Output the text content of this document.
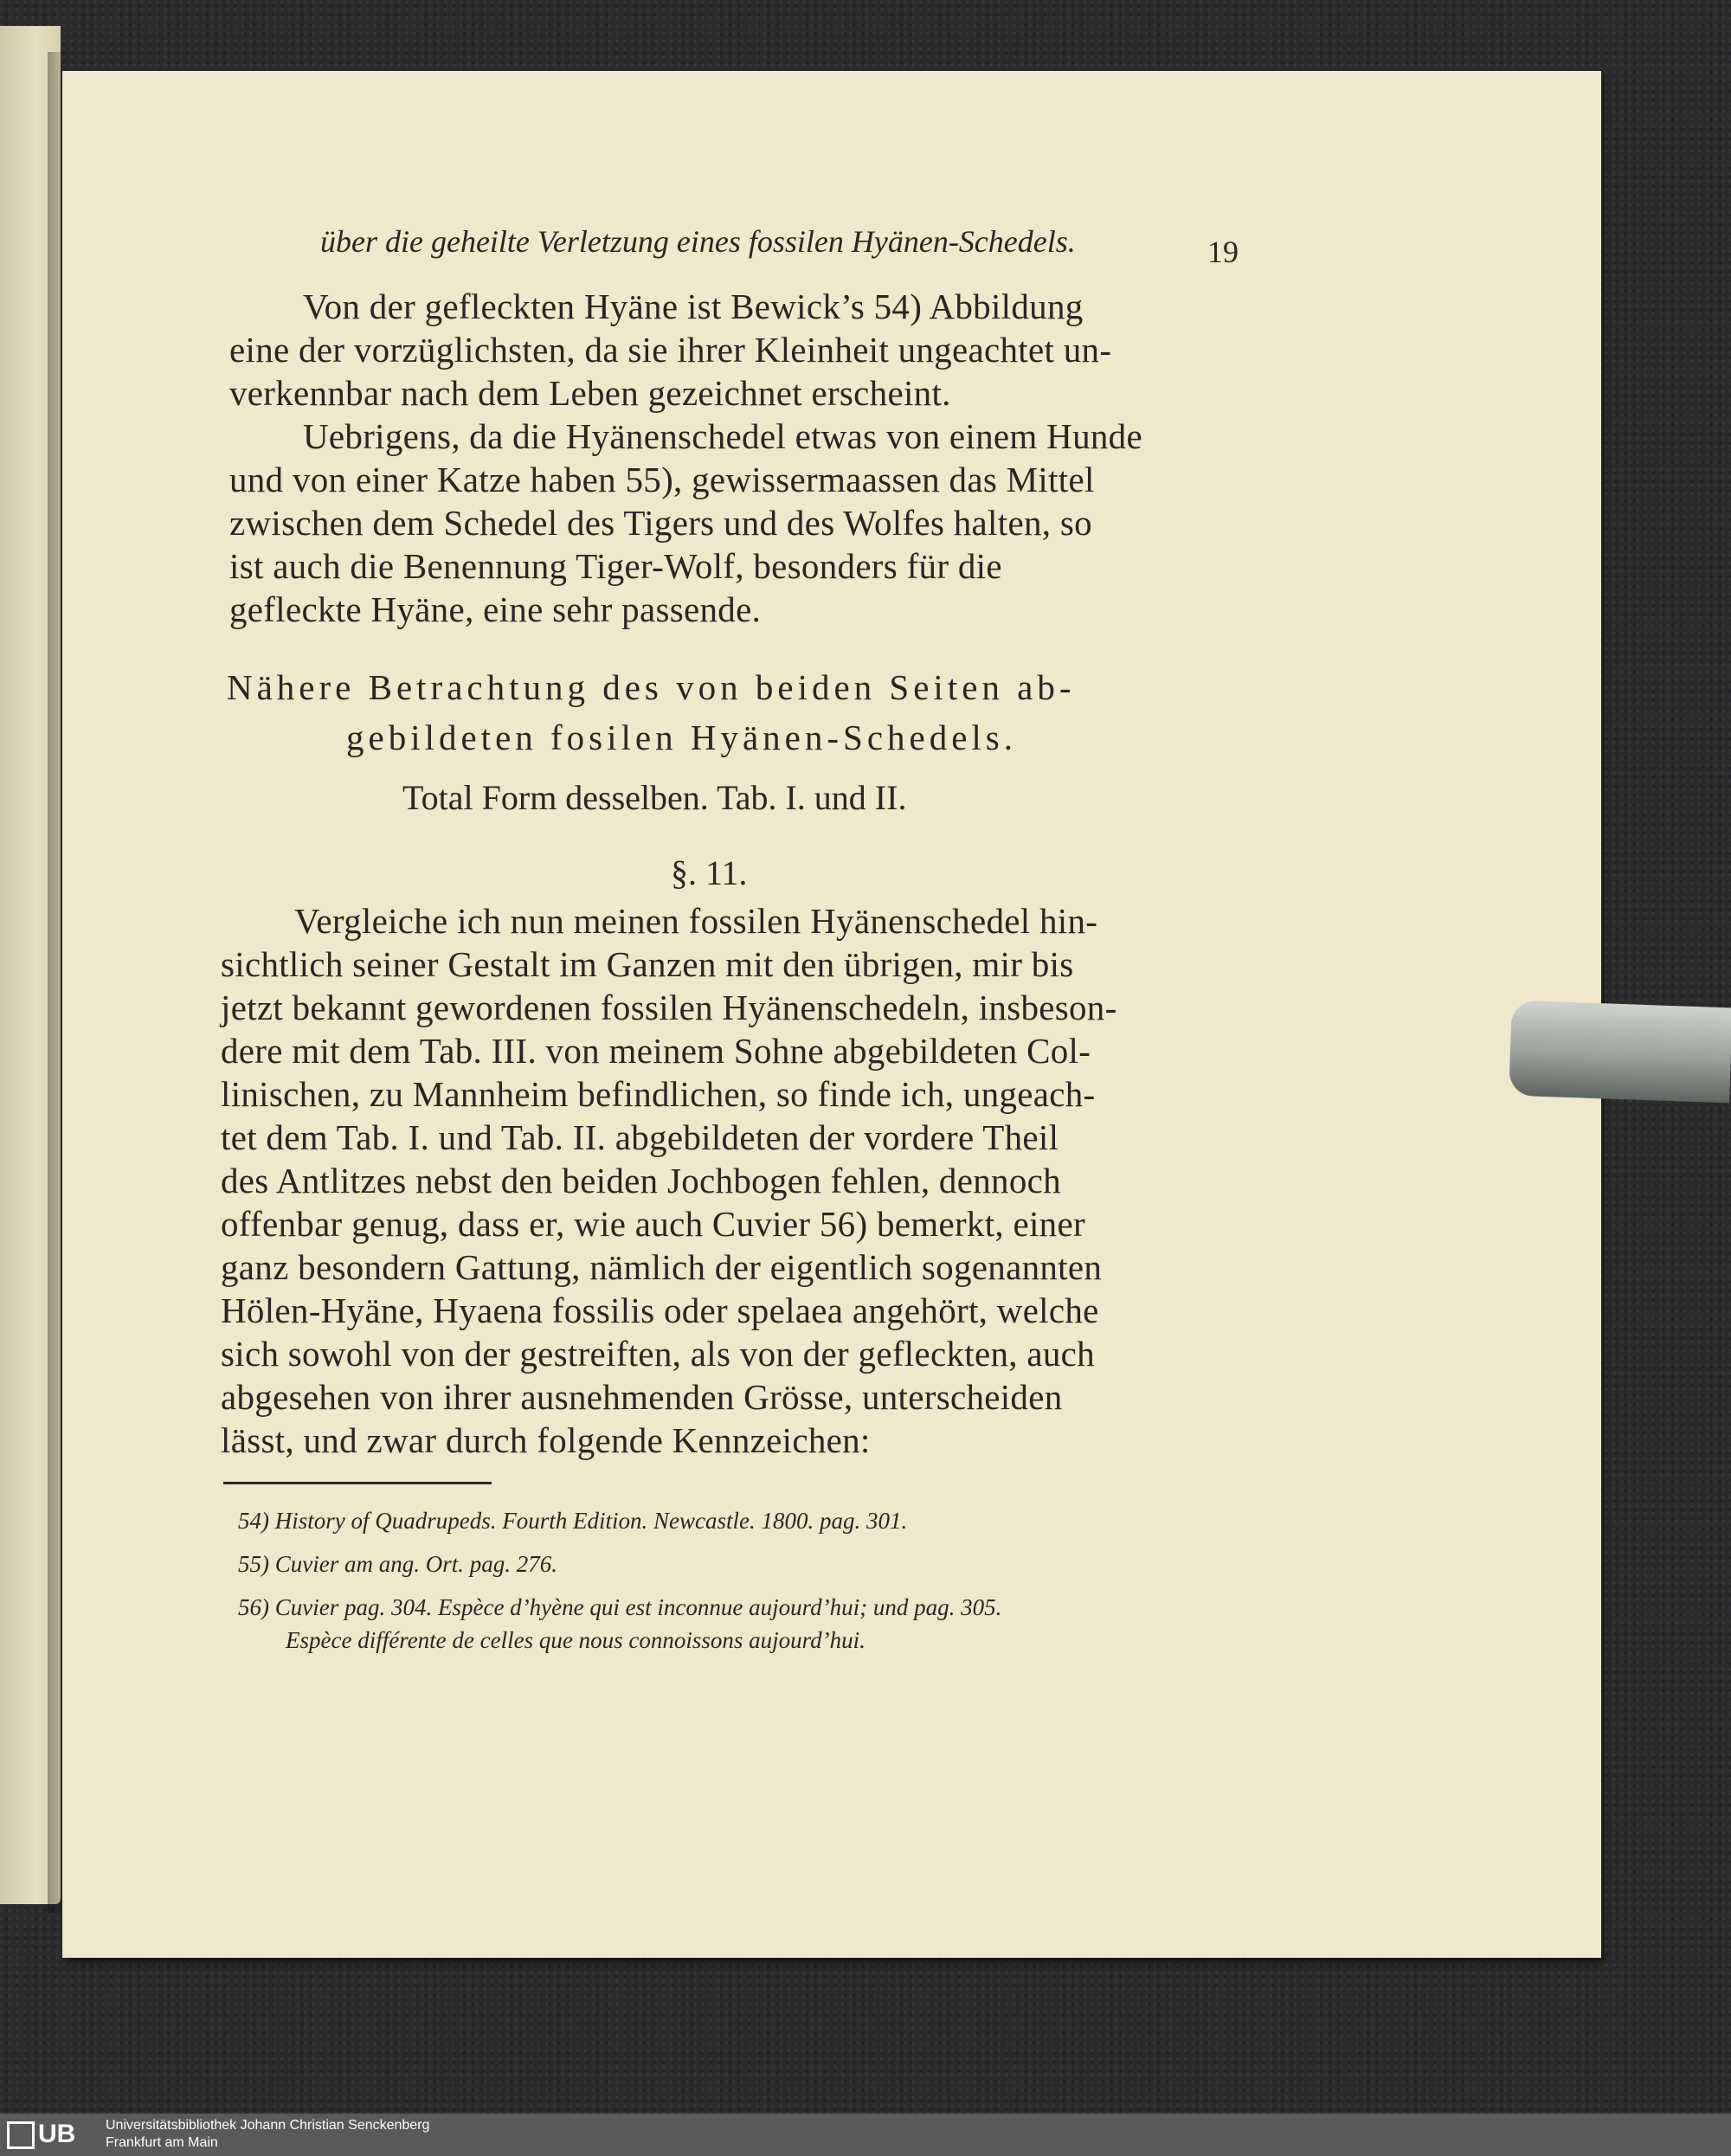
über die geheilte Verletzung eines fossilen Hyänen-Schedels.	19
Von der gefleckten Hyäne ist Bewick’s 54) Abbildung
eine der vorzüglichsten, da sie ihrer Kleinheit ungeachtet un-
verkennbar nach dem Leben gezeichnet erscheint.
Uebrigens, da die Hyänenschedel etwas von einem Hunde
und von einer Katze haben 55), gewissermaassen das Mittel
zwischen dem Schedel des Tigers und des Wolfes halten, so
ist auch die Benennung Tiger-Wolf, besonders für die
gefleckte Hyäne, eine sehr passende.
Nähere Betrachtung des von beiden Seiten ab-
gebildeten fosilen Hyänen-Schedels.
Total Form desselben. Tab. I. und II.
§. 11.
Vergleiche ich nun meinen fossilen Hyänenschedel hin-
sichtlich seiner Gestalt im Ganzen mit den übrigen, mir bis
jetzt bekannt gewordenen fossilen Hyänenschedeln, insbeson-
dere mit dem Tab. III. von meinem Sohne abgebildeten Col-
linischen, zu Mannheim befindlichen, so finde ich, ungeach-
tet dem Tab. I. und Tab. II. abgebildeten der vordere Theil
des Antlitzes nebst den beiden Jochbogen fehlen, dennoch
offenbar genug, dass er, wie auch Cuvier 56) bemerkt, einer
ganz besondern Gattung, nämlich der eigentlich sogenannten
Hölen-Hyäne, Hyaena fossilis oder spelaea angehört, welche
sich sowohl von der gestreiften, als von der gefleckten, auch
abgesehen von ihrer ausnehmenden Grösse, unterscheiden
lässt, und zwar durch folgende Kennzeichen:
54) History of Quadrupeds. Fourth Edition. Newcastle. 1800. pag. 301.
55) Cuvier am ang. Ort. pag. 276.
56) Cuvier pag. 304. Espèce d’hyène qui est inconnue aujourd’hui; und pag. 305.
Espèce différente de celles que nous connoissons aujourd’hui.
UB	Universitätsbibliothek Johann Christian Senckenberg
Frankfurt am Main
